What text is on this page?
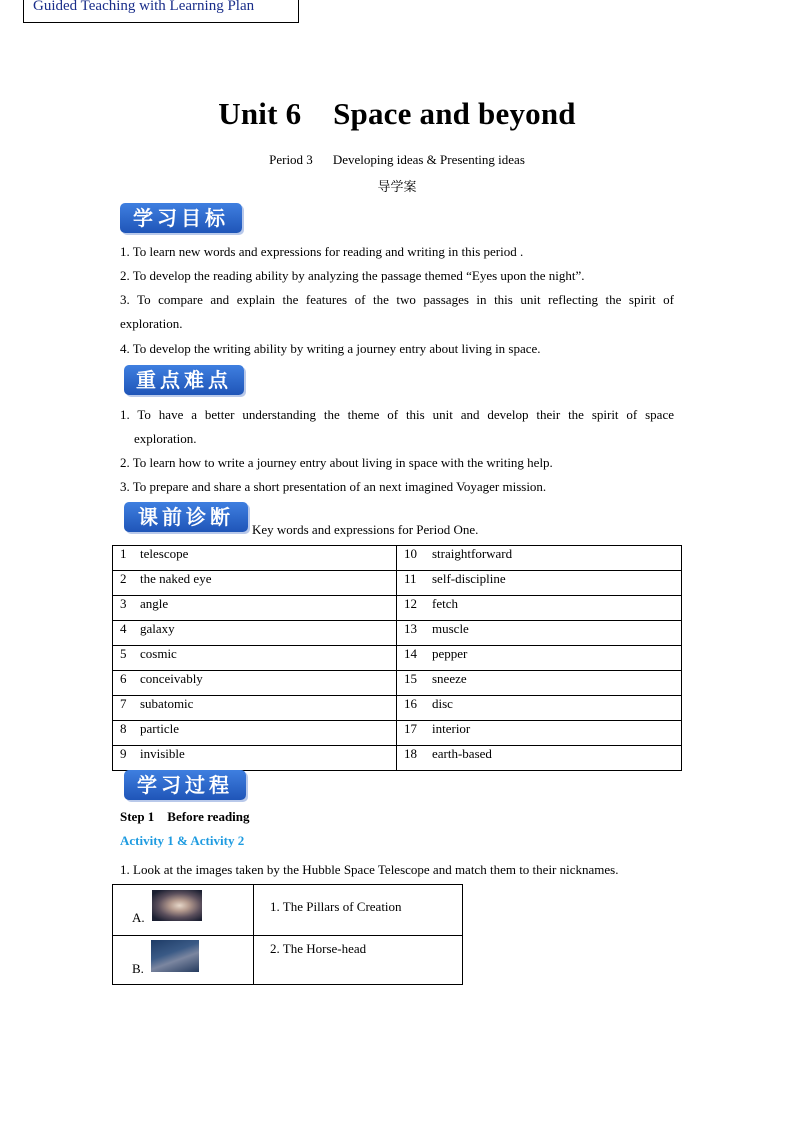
Guided Teaching with Learning Plan
Unit 6    Space and beyond
Period 3 Developing ideas & Presenting ideas
导学案
学习目标
1. To learn new words and expressions for reading and writing in this period .
2. To develop the reading ability by analyzing the passage themed “Eyes upon the night”.
3. To compare and explain the features of the two passages in this unit reflecting the spirit of
exploration.
4. To develop the writing ability by writing a journey entry about living in space.
重点难点
1. To have a better understanding the theme of this unit and develop their the spirit of space
exploration.
2. To learn how to write a journey entry about living in space with the writing help.
3. To prepare and share a short presentation of an next imagined Voyager mission.
课前诊断
Key words and expressions for Period One.
1 telescope	10 straightforward
2 the naked eye	11 self-discipline
3 angle	12 fetch
4 galaxy	13 muscle
5 cosmic	14 pepper
6 conceivably	15 sneeze
7 subatomic	16 disc
8 particle	17 interior
9 invisible	18 earth-based
学习过程
Step 1    Before reading
Activity 1 & Activity 2
1. Look at the images taken by the Hubble Space Telescope and match them to their nicknames.
A.	1. The Pillars of Creation

B.	2. The Horse-head
